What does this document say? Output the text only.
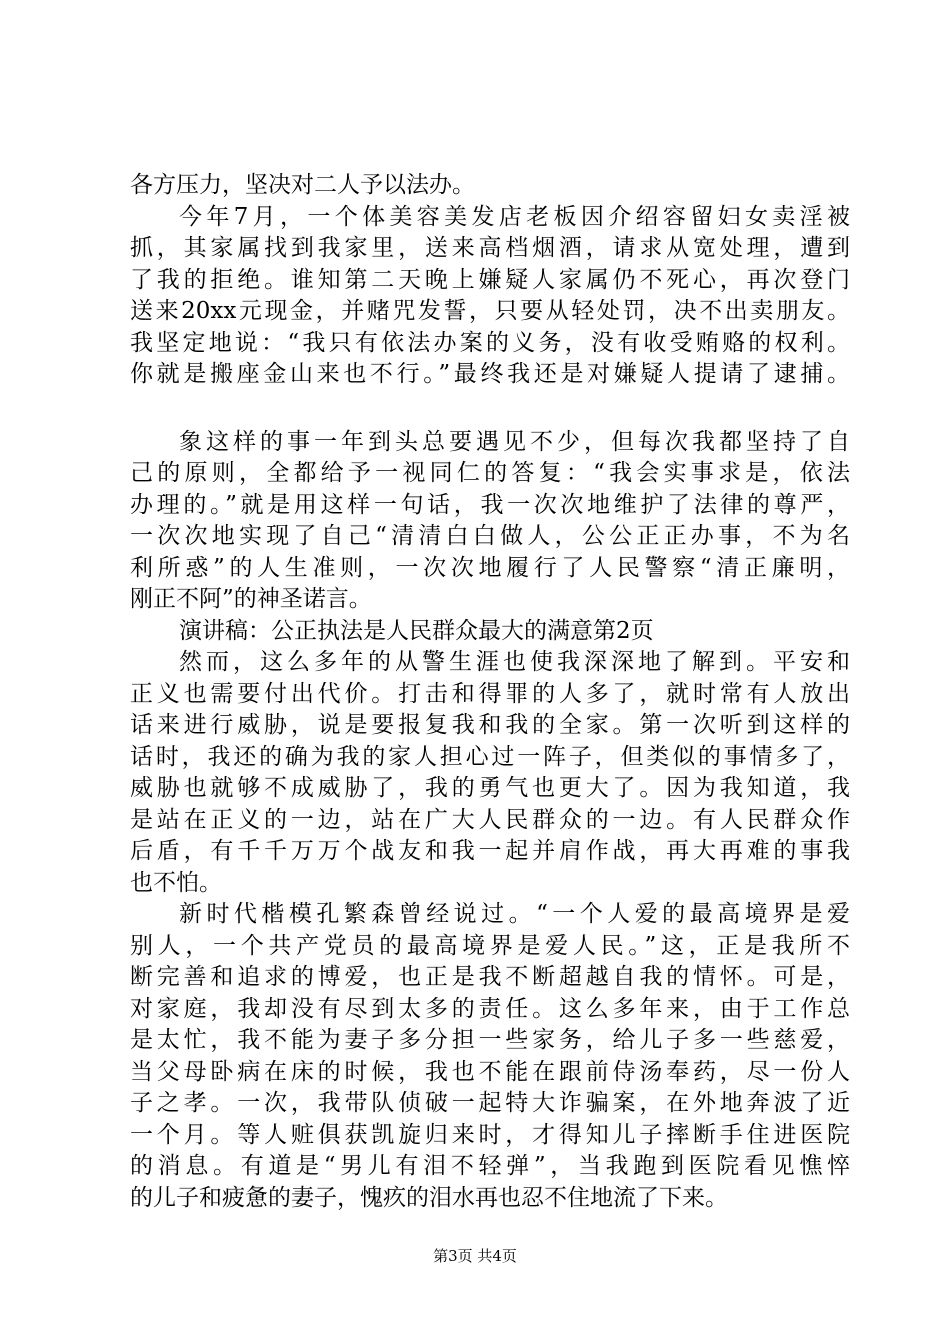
各方压力，坚决对二人予以法办。
今年7月，一个体美容美发店老板因介绍容留妇女卖淫被
抓，其家属找到我家里，送来高档烟酒，请求从宽处理，遭到
了我的拒绝。谁知第二天晚上嫌疑人家属仍不死心，再次登门
送来20xx元现金，并赌咒发誓，只要从轻处罚，决不出卖朋友。
我坚定地说：“我只有依法办案的义务，没有收受贿赂的权利。
你就是搬座金山来也不行。”最终我还是对嫌疑人提请了逮捕。
象这样的事一年到头总要遇见不少，但每次我都坚持了自
己的原则，全都给予一视同仁的答复：“我会实事求是，依法
办理的。”就是用这样一句话，我一次次地维护了法律的尊严，
一次次地实现了自己“清清白白做人，公公正正办事，不为名
利所惑”的人生准则，一次次地履行了人民警察“清正廉明，
刚正不阿”的神圣诺言。
演讲稿：公正执法是人民群众最大的满意第2页
然而，这么多年的从警生涯也使我深深地了解到。平安和
正义也需要付出代价。打击和得罪的人多了，就时常有人放出
话来进行威胁，说是要报复我和我的全家。第一次听到这样的
话时，我还的确为我的家人担心过一阵子，但类似的事情多了，
威胁也就够不成威胁了，我的勇气也更大了。因为我知道，我
是站在正义的一边，站在广大人民群众的一边。有人民群众作
后盾，有千千万万个战友和我一起并肩作战，再大再难的事我
也不怕。
新时代楷模孔繁森曾经说过。“一个人爱的最高境界是爱
别人，一个共产党员的最高境界是爱人民。”这，正是我所不
断完善和追求的博爱，也正是我不断超越自我的情怀。可是，
对家庭，我却没有尽到太多的责任。这么多年来，由于工作总
是太忙，我不能为妻子多分担一些家务，给儿子多一些慈爱，
当父母卧病在床的时候，我也不能在跟前侍汤奉药，尽一份人
子之孝。一次，我带队侦破一起特大诈骗案，在外地奔波了近
一个月。等人赃俱获凯旋归来时，才得知儿子摔断手住进医院
的消息。有道是“男儿有泪不轻弹”，当我跑到医院看见憔悴
的儿子和疲惫的妻子，愧疚的泪水再也忍不住地流了下来。
第3页 共4页
